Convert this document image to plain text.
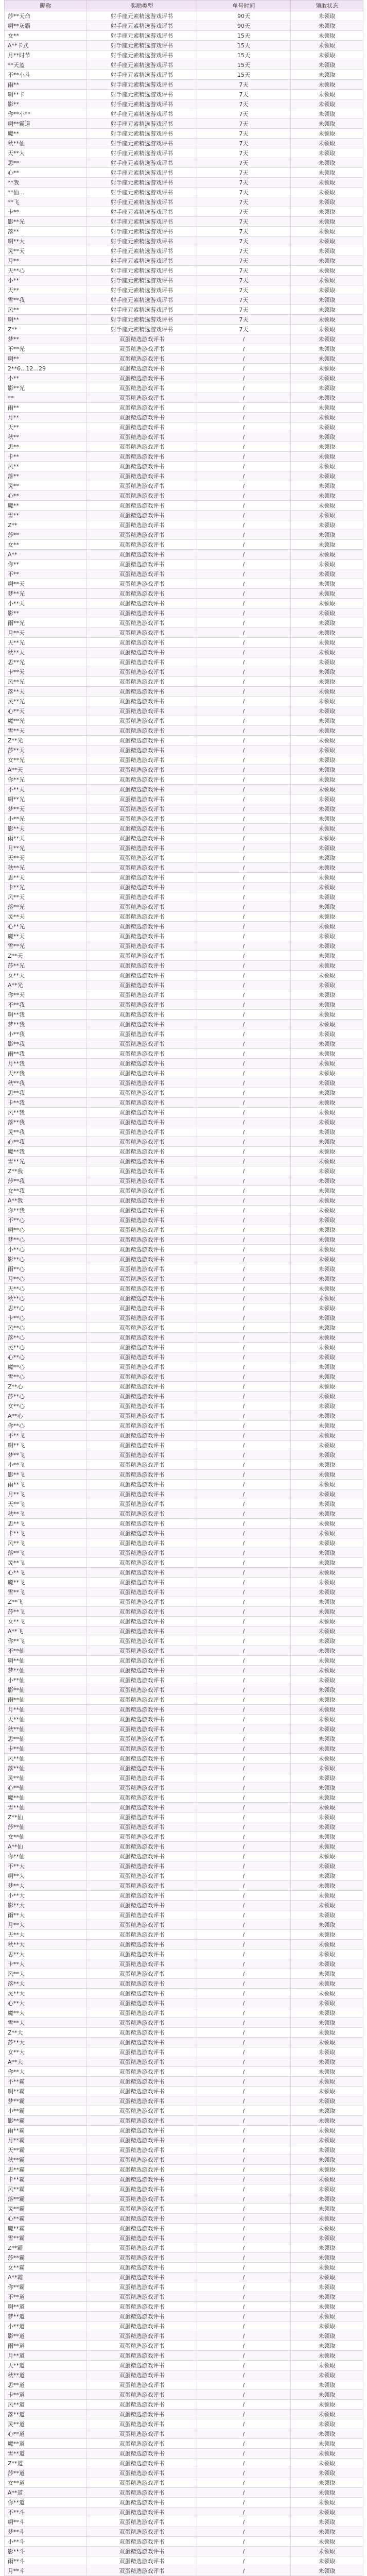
昵称	奖励类型	单号时间	领取状态
莎**天命	射手座元素精选游戏评书	90天	未领取
啊**灰霸	射手座元素精选游戏评书	90天	未领取
女**	射手座元素精选游戏评书	15天	未领取
A**卡式	射手座元素精选游戏评书	15天	未领取
月**时节	射手座元素精选游戏评书	15天	未领取
**天蓝	射手座元素精选游戏评书	15天	未领取
不**小斗	射手座元素精选游戏评书	15天	未领取
雨**	射手座元素精选游戏评书	7天	未领取
啊**卡	射手座元素精选游戏评书	7天	未领取
影**	射手座元素精选游戏评书	7天	未领取
你**小**	射手座元素精选游戏评书	7天	未领取
啊**霸道	射手座元素精选游戏评书	7天	未领取
魔**	射手座元素精选游戏评书	7天	未领取
秋**仙	射手座元素精选游戏评书	7天	未领取
天**大	射手座元素精选游戏评书	7天	未领取
思**	射手座元素精选游戏评书	7天	未领取
心**	射手座元素精选游戏评书	7天	未领取
**我	射手座元素精选游戏评书	7天	未领取
**仙...	射手座元素精选游戏评书	7天	未领取
**飞	射手座元素精选游戏评书	7天	未领取
卡**	射手座元素精选游戏评书	7天	未领取
影**光	射手座元素精选游戏评书	7天	未领取
落**	射手座元素精选游戏评书	7天	未领取
啊**大	射手座元素精选游戏评书	7天	未领取
灵**天	射手座元素精选游戏评书	7天	未领取
月**	射手座元素精选游戏评书	7天	未领取
天**心	射手座元素精选游戏评书	7天	未领取
小**	射手座元素精选游戏评书	7天	未领取
天**	射手座元素精选游戏评书	7天	未领取
雪**我	射手座元素精选游戏评书	7天	未领取
风**	射手座元素精选游戏评书	7天	未领取
啊**	射手座元素精选游戏评书	7天	未领取
Z**	射手座元素精选游戏评书	7天	未领取
梦**	双蛋精选游戏评书	/	未领取
不**光	双蛋精选游戏评书	/	未领取
啊**	双蛋精选游戏评书	/	未领取
2**6...12...29	双蛋精选游戏评书	/	未领取
小**	双蛋精选游戏评书	/	未领取
影**光	双蛋精选游戏评书	/	未领取
**	双蛋精选游戏评书	/	未领取
雨**	双蛋精选游戏评书	/	未领取
月**	双蛋精选游戏评书	/	未领取
天**	双蛋精选游戏评书	/	未领取
秋**	双蛋精选游戏评书	/	未领取
思**	双蛋精选游戏评书	/	未领取
卡**	双蛋精选游戏评书	/	未领取
风**	双蛋精选游戏评书	/	未领取
落**	双蛋精选游戏评书	/	未领取
灵**	双蛋精选游戏评书	/	未领取
心**	双蛋精选游戏评书	/	未领取
魔**	双蛋精选游戏评书	/	未领取
雪**	双蛋精选游戏评书	/	未领取
Z**	双蛋精选游戏评书	/	未领取
莎**	双蛋精选游戏评书	/	未领取
女**	双蛋精选游戏评书	/	未领取
A**	双蛋精选游戏评书	/	未领取
你**	双蛋精选游戏评书	/	未领取
不**	双蛋精选游戏评书	/	未领取
啊**天	双蛋精选游戏评书	/	未领取
梦**光	双蛋精选游戏评书	/	未领取
小**天	双蛋精选游戏评书	/	未领取
影**	双蛋精选游戏评书	/	未领取
雨**光	双蛋精选游戏评书	/	未领取
月**天	双蛋精选游戏评书	/	未领取
天**光	双蛋精选游戏评书	/	未领取
秋**天	双蛋精选游戏评书	/	未领取
思**光	双蛋精选游戏评书	/	未领取
卡**天	双蛋精选游戏评书	/	未领取
风**光	双蛋精选游戏评书	/	未领取
落**天	双蛋精选游戏评书	/	未领取
灵**光	双蛋精选游戏评书	/	未领取
心**天	双蛋精选游戏评书	/	未领取
魔**光	双蛋精选游戏评书	/	未领取
雪**天	双蛋精选游戏评书	/	未领取
Z**光	双蛋精选游戏评书	/	未领取
莎**天	双蛋精选游戏评书	/	未领取
女**光	双蛋精选游戏评书	/	未领取
A**天	双蛋精选游戏评书	/	未领取
你**光	双蛋精选游戏评书	/	未领取
不**天	双蛋精选游戏评书	/	未领取
啊**光	双蛋精选游戏评书	/	未领取
梦**天	双蛋精选游戏评书	/	未领取
小**光	双蛋精选游戏评书	/	未领取
影**天	双蛋精选游戏评书	/	未领取
雨**天	双蛋精选游戏评书	/	未领取
月**光	双蛋精选游戏评书	/	未领取
天**天	双蛋精选游戏评书	/	未领取
秋**光	双蛋精选游戏评书	/	未领取
思**天	双蛋精选游戏评书	/	未领取
卡**光	双蛋精选游戏评书	/	未领取
风**天	双蛋精选游戏评书	/	未领取
落**光	双蛋精选游戏评书	/	未领取
灵**天	双蛋精选游戏评书	/	未领取
心**光	双蛋精选游戏评书	/	未领取
魔**天	双蛋精选游戏评书	/	未领取
雪**光	双蛋精选游戏评书	/	未领取
Z**天	双蛋精选游戏评书	/	未领取
莎**光	双蛋精选游戏评书	/	未领取
女**天	双蛋精选游戏评书	/	未领取
A**光	双蛋精选游戏评书	/	未领取
你**天	双蛋精选游戏评书	/	未领取
不**我	双蛋精选游戏评书	/	未领取
啊**我	双蛋精选游戏评书	/	未领取
梦**我	双蛋精选游戏评书	/	未领取
小**我	双蛋精选游戏评书	/	未领取
影**我	双蛋精选游戏评书	/	未领取
雨**我	双蛋精选游戏评书	/	未领取
月**我	双蛋精选游戏评书	/	未领取
天**我	双蛋精选游戏评书	/	未领取
秋**我	双蛋精选游戏评书	/	未领取
思**我	双蛋精选游戏评书	/	未领取
卡**我	双蛋精选游戏评书	/	未领取
风**我	双蛋精选游戏评书	/	未领取
落**我	双蛋精选游戏评书	/	未领取
灵**我	双蛋精选游戏评书	/	未领取
心**我	双蛋精选游戏评书	/	未领取
魔**我	双蛋精选游戏评书	/	未领取
雪**光	双蛋精选游戏评书	/	未领取
Z**我	双蛋精选游戏评书	/	未领取
莎**我	双蛋精选游戏评书	/	未领取
女**我	双蛋精选游戏评书	/	未领取
A**我	双蛋精选游戏评书	/	未领取
你**我	双蛋精选游戏评书	/	未领取
不**心	双蛋精选游戏评书	/	未领取
啊**心	双蛋精选游戏评书	/	未领取
梦**心	双蛋精选游戏评书	/	未领取
小**心	双蛋精选游戏评书	/	未领取
影**心	双蛋精选游戏评书	/	未领取
雨**心	双蛋精选游戏评书	/	未领取
月**心	双蛋精选游戏评书	/	未领取
天**心	双蛋精选游戏评书	/	未领取
秋**心	双蛋精选游戏评书	/	未领取
思**心	双蛋精选游戏评书	/	未领取
卡**心	双蛋精选游戏评书	/	未领取
风**心	双蛋精选游戏评书	/	未领取
落**心	双蛋精选游戏评书	/	未领取
灵**心	双蛋精选游戏评书	/	未领取
心**心	双蛋精选游戏评书	/	未领取
魔**心	双蛋精选游戏评书	/	未领取
雪**心	双蛋精选游戏评书	/	未领取
Z**心	双蛋精选游戏评书	/	未领取
莎**心	双蛋精选游戏评书	/	未领取
女**心	双蛋精选游戏评书	/	未领取
A**心	双蛋精选游戏评书	/	未领取
你**心	双蛋精选游戏评书	/	未领取
不**飞	双蛋精选游戏评书	/	未领取
啊**飞	双蛋精选游戏评书	/	未领取
梦**飞	双蛋精选游戏评书	/	未领取
小**飞	双蛋精选游戏评书	/	未领取
影**飞	双蛋精选游戏评书	/	未领取
雨**飞	双蛋精选游戏评书	/	未领取
月**飞	双蛋精选游戏评书	/	未领取
天**飞	双蛋精选游戏评书	/	未领取
秋**飞	双蛋精选游戏评书	/	未领取
思**飞	双蛋精选游戏评书	/	未领取
卡**飞	双蛋精选游戏评书	/	未领取
风**飞	双蛋精选游戏评书	/	未领取
落**飞	双蛋精选游戏评书	/	未领取
灵**飞	双蛋精选游戏评书	/	未领取
心**飞	双蛋精选游戏评书	/	未领取
魔**飞	双蛋精选游戏评书	/	未领取
雪**飞	双蛋精选游戏评书	/	未领取
Z**飞	双蛋精选游戏评书	/	未领取
莎**飞	双蛋精选游戏评书	/	未领取
女**飞	双蛋精选游戏评书	/	未领取
A**飞	双蛋精选游戏评书	/	未领取
你**飞	双蛋精选游戏评书	/	未领取
不**仙	双蛋精选游戏评书	/	未领取
啊**仙	双蛋精选游戏评书	/	未领取
梦**仙	双蛋精选游戏评书	/	未领取
小**仙	双蛋精选游戏评书	/	未领取
影**仙	双蛋精选游戏评书	/	未领取
雨**仙	双蛋精选游戏评书	/	未领取
月**仙	双蛋精选游戏评书	/	未领取
天**仙	双蛋精选游戏评书	/	未领取
秋**仙	双蛋精选游戏评书	/	未领取
思**仙	双蛋精选游戏评书	/	未领取
卡**仙	双蛋精选游戏评书	/	未领取
风**仙	双蛋精选游戏评书	/	未领取
落**仙	双蛋精选游戏评书	/	未领取
灵**仙	双蛋精选游戏评书	/	未领取
心**仙	双蛋精选游戏评书	/	未领取
魔**仙	双蛋精选游戏评书	/	未领取
雪**仙	双蛋精选游戏评书	/	未领取
Z**仙	双蛋精选游戏评书	/	未领取
莎**仙	双蛋精选游戏评书	/	未领取
女**仙	双蛋精选游戏评书	/	未领取
A**仙	双蛋精选游戏评书	/	未领取
你**仙	双蛋精选游戏评书	/	未领取
不**大	双蛋精选游戏评书	/	未领取
啊**大	双蛋精选游戏评书	/	未领取
梦**大	双蛋精选游戏评书	/	未领取
小**大	双蛋精选游戏评书	/	未领取
影**大	双蛋精选游戏评书	/	未领取
雨**大	双蛋精选游戏评书	/	未领取
月**大	双蛋精选游戏评书	/	未领取
天**大	双蛋精选游戏评书	/	未领取
秋**大	双蛋精选游戏评书	/	未领取
思**大	双蛋精选游戏评书	/	未领取
卡**大	双蛋精选游戏评书	/	未领取
风**大	双蛋精选游戏评书	/	未领取
落**大	双蛋精选游戏评书	/	未领取
灵**大	双蛋精选游戏评书	/	未领取
心**大	双蛋精选游戏评书	/	未领取
魔**大	双蛋精选游戏评书	/	未领取
雪**大	双蛋精选游戏评书	/	未领取
Z**大	双蛋精选游戏评书	/	未领取
莎**大	双蛋精选游戏评书	/	未领取
女**大	双蛋精选游戏评书	/	未领取
A**大	双蛋精选游戏评书	/	未领取
你**大	双蛋精选游戏评书	/	未领取
不**霸	双蛋精选游戏评书	/	未领取
啊**霸	双蛋精选游戏评书	/	未领取
梦**霸	双蛋精选游戏评书	/	未领取
小**霸	双蛋精选游戏评书	/	未领取
影**霸	双蛋精选游戏评书	/	未领取
雨**霸	双蛋精选游戏评书	/	未领取
月**霸	双蛋精选游戏评书	/	未领取
天**霸	双蛋精选游戏评书	/	未领取
秋**霸	双蛋精选游戏评书	/	未领取
思**霸	双蛋精选游戏评书	/	未领取
卡**霸	双蛋精选游戏评书	/	未领取
风**霸	双蛋精选游戏评书	/	未领取
落**霸	双蛋精选游戏评书	/	未领取
灵**霸	双蛋精选游戏评书	/	未领取
心**霸	双蛋精选游戏评书	/	未领取
魔**霸	双蛋精选游戏评书	/	未领取
雪**霸	双蛋精选游戏评书	/	未领取
Z**霸	双蛋精选游戏评书	/	未领取
莎**霸	双蛋精选游戏评书	/	未领取
女**霸	双蛋精选游戏评书	/	未领取
A**霸	双蛋精选游戏评书	/	未领取
你**霸	双蛋精选游戏评书	/	未领取
不**道	双蛋精选游戏评书	/	未领取
啊**道	双蛋精选游戏评书	/	未领取
梦**道	双蛋精选游戏评书	/	未领取
小**道	双蛋精选游戏评书	/	未领取
影**道	双蛋精选游戏评书	/	未领取
雨**道	双蛋精选游戏评书	/	未领取
月**道	双蛋精选游戏评书	/	未领取
天**道	双蛋精选游戏评书	/	未领取
秋**道	双蛋精选游戏评书	/	未领取
思**道	双蛋精选游戏评书	/	未领取
卡**道	双蛋精选游戏评书	/	未领取
风**道	双蛋精选游戏评书	/	未领取
落**道	双蛋精选游戏评书	/	未领取
灵**道	双蛋精选游戏评书	/	未领取
心**道	双蛋精选游戏评书	/	未领取
魔**道	双蛋精选游戏评书	/	未领取
雪**道	双蛋精选游戏评书	/	未领取
Z**道	双蛋精选游戏评书	/	未领取
莎**道	双蛋精选游戏评书	/	未领取
女**道	双蛋精选游戏评书	/	未领取
A**道	双蛋精选游戏评书	/	未领取
你**道	双蛋精选游戏评书	/	未领取
不**斗	双蛋精选游戏评书	/	未领取
啊**斗	双蛋精选游戏评书	/	未领取
梦**斗	双蛋精选游戏评书	/	未领取
小**斗	双蛋精选游戏评书	/	未领取
影**斗	双蛋精选游戏评书	/	未领取
雨**斗	双蛋精选游戏评书	/	未领取
月**斗	双蛋精选游戏评书	/	未领取
